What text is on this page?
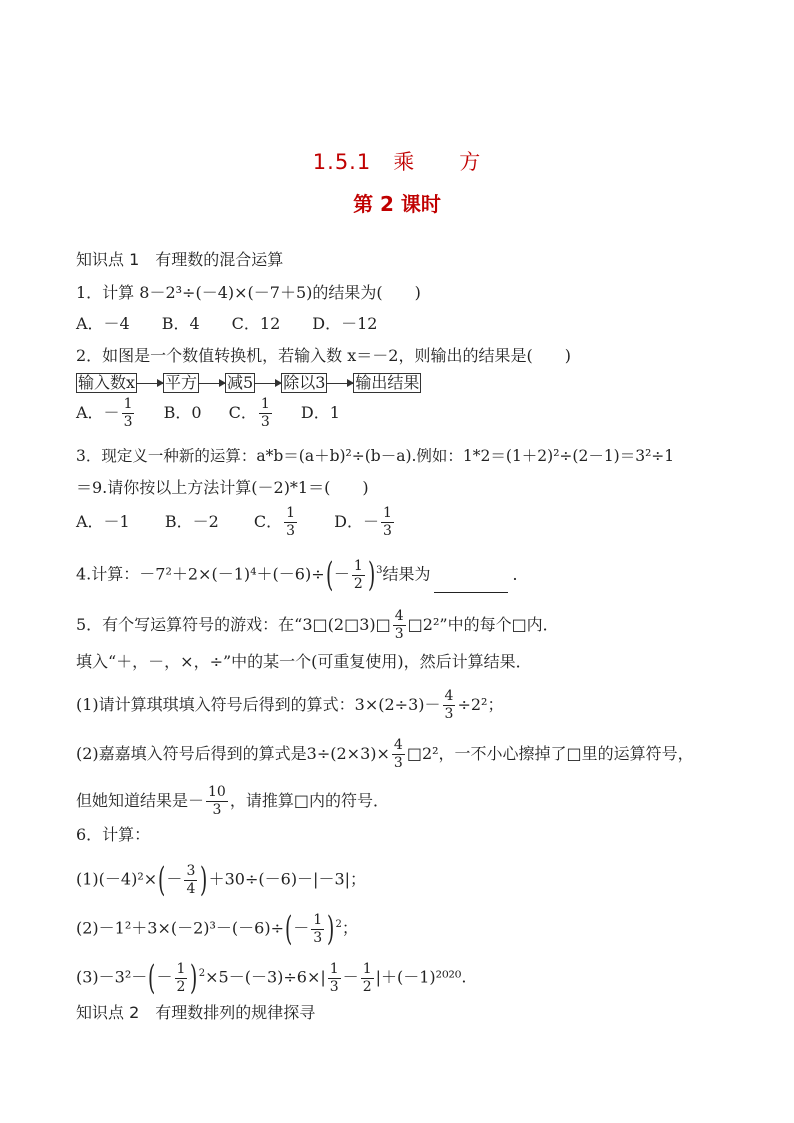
1.5.1　乘　　方
第 2 课时
知识点 1　有理数的混合运算
1．计算 8－2³÷(－4)×(－7＋5)的结果为(　　)
A．－4　　B．4　　C．12　　D．－12
2．如图是一个数值转换机，若输入数 x＝－2，则输出的结果是(　　)
输入数x 平方 减5 除以3 输出结果
A．－ $\frac{1}{3}$ B．0 C． $\frac{1}{3}$ D．1
3．现定义一种新的运算：a*b＝(a＋b)²÷(b－a).例如：1*2＝(1＋2)²÷(2－1)＝3²÷1
＝9.请你按以上方法计算(－2)*1＝(　　)
A．－1 B．－2 C． $\frac{1}{3}$ D．－ $\frac{1}{3}$
4.计算：$-7^2+2\times(-1)^4+(-6)\div(- \frac{1}{2} )^3$结果为	．
5．有个写运算符号的游戏：在“3□(2□3)□ $\frac{4}{3}$ □2²”中的每个□内．
填入“＋，－，×，÷”中的某一个(可重复使用)，然后计算结果．
(1)请计算琪琪填入符号后得到的算式：$3\times(2\div 3)- \frac{4}{3} \div 2^2$；
(2)嘉嘉填入符号后得到的算式是$3\div(2\times 3)\times \frac{4}{3}$ □2²，一不小心擦掉了□里的运算符号，
但她知道结果是－ $\frac{10}{3}$ ，请推算□内的符号．
6．计算：
$(1)(-4)^2\times(- \frac{3}{4} )+30\div(-6)-|-3|$；
$(2)-1^2+3\times(-2)^3-(-6)\div(- \frac{1}{3} )^2$；
$(3)-3^2-(- \frac{1}{2} )^2\times 5-(-3)\div 6\times| \frac{1}{3} - \frac{1}{2} |+(-1)^{2020}$.
知识点 2　有理数排列的规律探寻
